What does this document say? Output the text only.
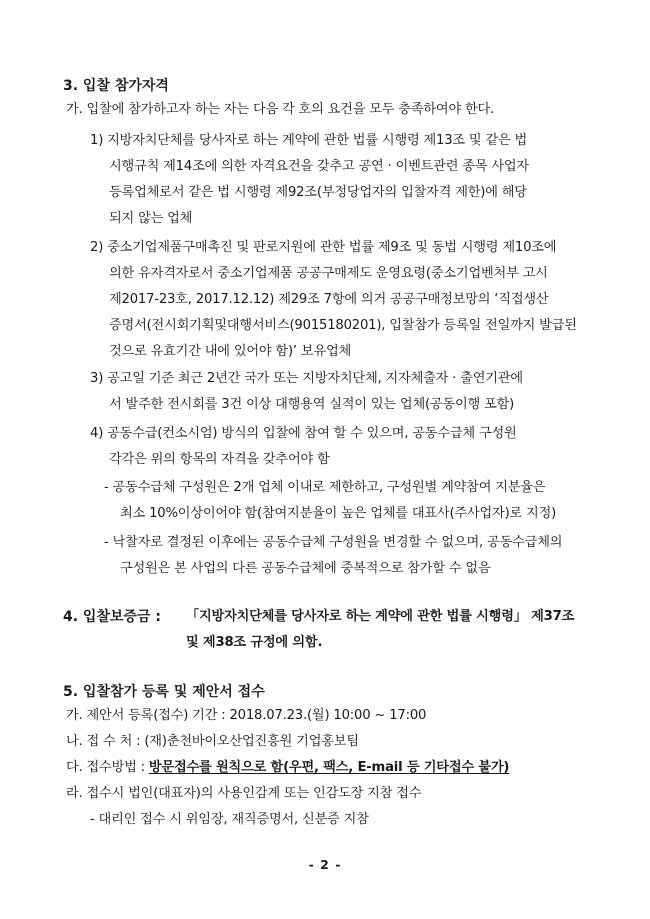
3. 입찰 참가자격
가. 입찰에 참가하고자 하는 자는 다음 각 호의 요건을 모두 충족하여야 한다.
1) 지방자치단체를 당사자로 하는 계약에 관한 법률 시행령 제13조 및 같은 법
시행규칙 제14조에 의한 자격요건을 갖추고 공연 · 이벤트관련 종목 사업자
등록업체로서 같은 법 시행령 제92조(부정당업자의 입찰자격 제한)에 해당
되지 않는 업체
2) 중소기업제품구매촉진 및 판로지원에 관한 법률 제9조 및 동법 시행령 제10조에
의한 유자격자로서 중소기업제품 공공구매제도 운영요령(중소기업벤처부 고시
제2017-23호, 2017.12.12) 제29조 7항에 의거 공공구매정보망의 ‘직접생산
증명서(전시회기획및대행서비스(9015180201), 입찰참가 등록일 전일까지 발급된
것으로 유효기간 내에 있어야 함)’ 보유업체
3) 공고일 기준 최근 2년간 국가 또는 지방자치단체, 지자체출자 · 출연기관에
서 발주한 전시회를 3건 이상 대행용역 실적이 있는 업체(공동이행 포함)
4) 공동수급(컨소시엄) 방식의 입찰에 참여 할 수 있으며, 공동수급체 구성원
각각은 위의 항목의 자격을 갖추어야 함
- 공동수급체 구성원은 2개 업체 이내로 제한하고, 구성원별 계약참여 지분율은
최소 10%이상이어야 함(참여지분율이 높은 업체를 대표사(주사업자)로 지정)
- 낙찰자로 결정된 이후에는 공동수급체 구성원을 변경할 수 없으며, 공동수급체의
구성원은 본 사업의 다른 공동수급체에 중복적으로 참가할 수 없음
4. 입찰보증금 : 「지방자치단체를 당사자로 하는 계약에 관한 법률 시행령」 제37조
및 제38조 규정에 의함.
5. 입찰참가 등록 및 제안서 접수
가. 제안서 등록(접수) 기간 : 2018.07.23.(월) 10:00 ~ 17:00
나. 접 수 처 : (재)춘천바이오산업진흥원 기업홍보팀
다. 접수방법 : 방문접수를 원칙으로 함(우편, 팩스, E-mail 등 기타접수 불가)
라. 접수시 법인(대표자)의 사용인감계 또는 인감도장 지참 접수
- 대리인 접수 시 위임장, 재직증명서, 신분증 지참
- 2 -
